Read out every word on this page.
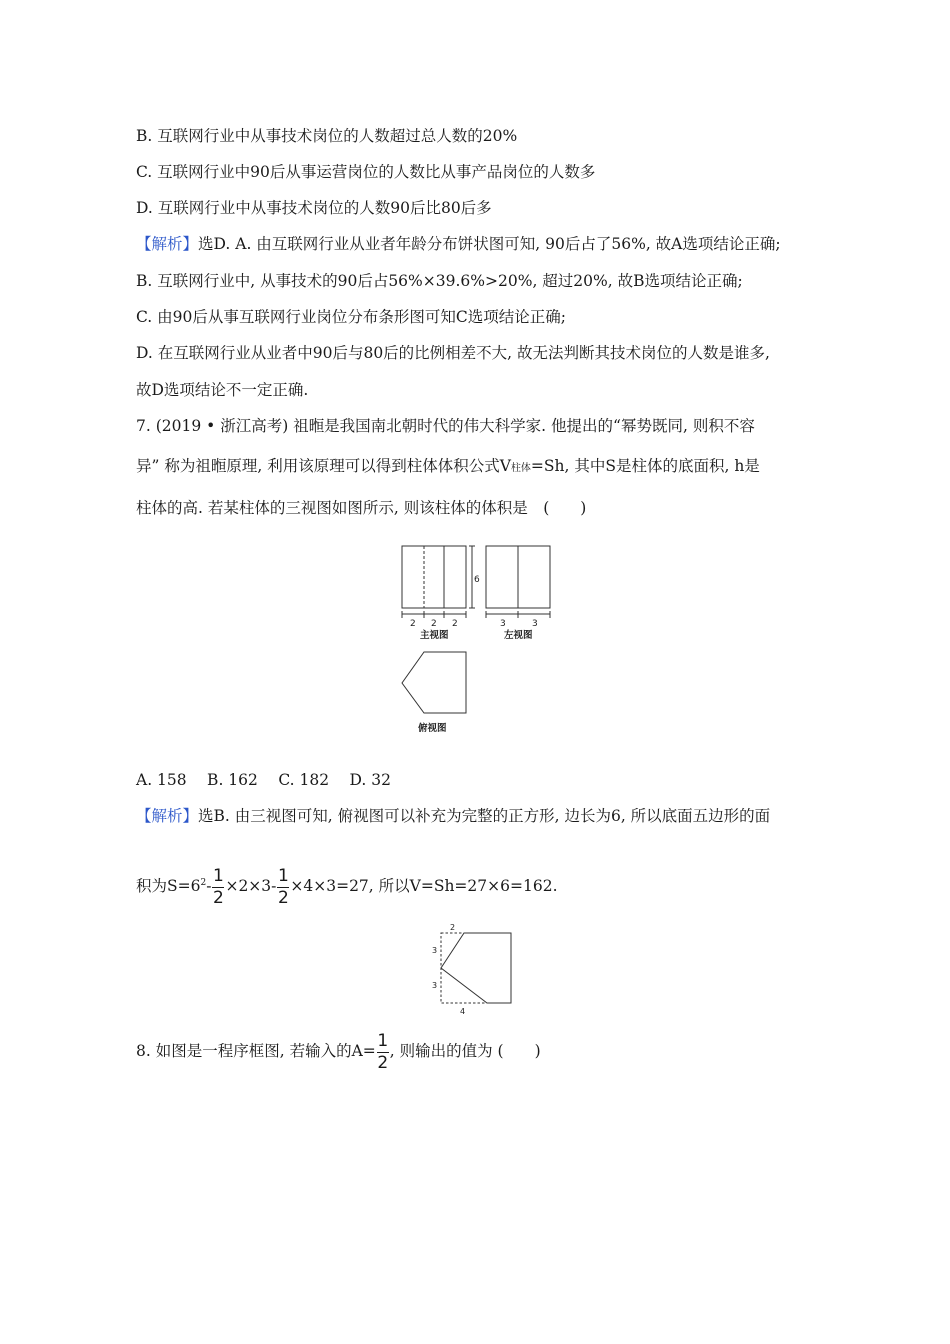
B. 互联网行业中从事技术岗位的人数超过总人数的20%
C. 互联网行业中90后从事运营岗位的人数比从事产品岗位的人数多
D. 互联网行业中从事技术岗位的人数90后比80后多
【解析】选D. A. 由互联网行业从业者年龄分布饼状图可知, 90后占了56%, 故A选项结论正确;
B. 互联网行业中, 从事技术的90后占56%×39.6%>20%, 超过20%, 故B选项结论正确;
C. 由90后从事互联网行业岗位分布条形图可知C选项结论正确;
D. 在互联网行业从业者中90后与80后的比例相差不大, 故无法判断其技术岗位的人数是谁多,
故D选项结论不一定正确.
7. (2019 • 浙江高考) 祖暅是我国南北朝时代的伟大科学家. 他提出的“幂势既同, 则积不容
异” 称为祖暅原理, 利用该原理可以得到柱体体积公式V柱体=Sh, 其中S是柱体的底面积, h是
柱体的高. 若某柱体的三视图如图所示, 则该柱体的体积是　(　　)
6
2 2 2	3	3
主视图	左视图
俯视图
A. 158　 B. 162　 C. 182　 D. 32
【解析】选B. 由三视图可知, 俯视图可以补充为完整的正方形, 边长为6, 所以底面五边形的面
积为$S=6^2- \frac{1}{2} \times 2\times 3- \frac{1}{2} \times 4\times 3=27$, 所以V=Sh=27×6=162.
2
3
3
4
8. 如图是一程序框图, 若输入的$A= \frac{1}{2}$ , 则输出的值为 (　　)
